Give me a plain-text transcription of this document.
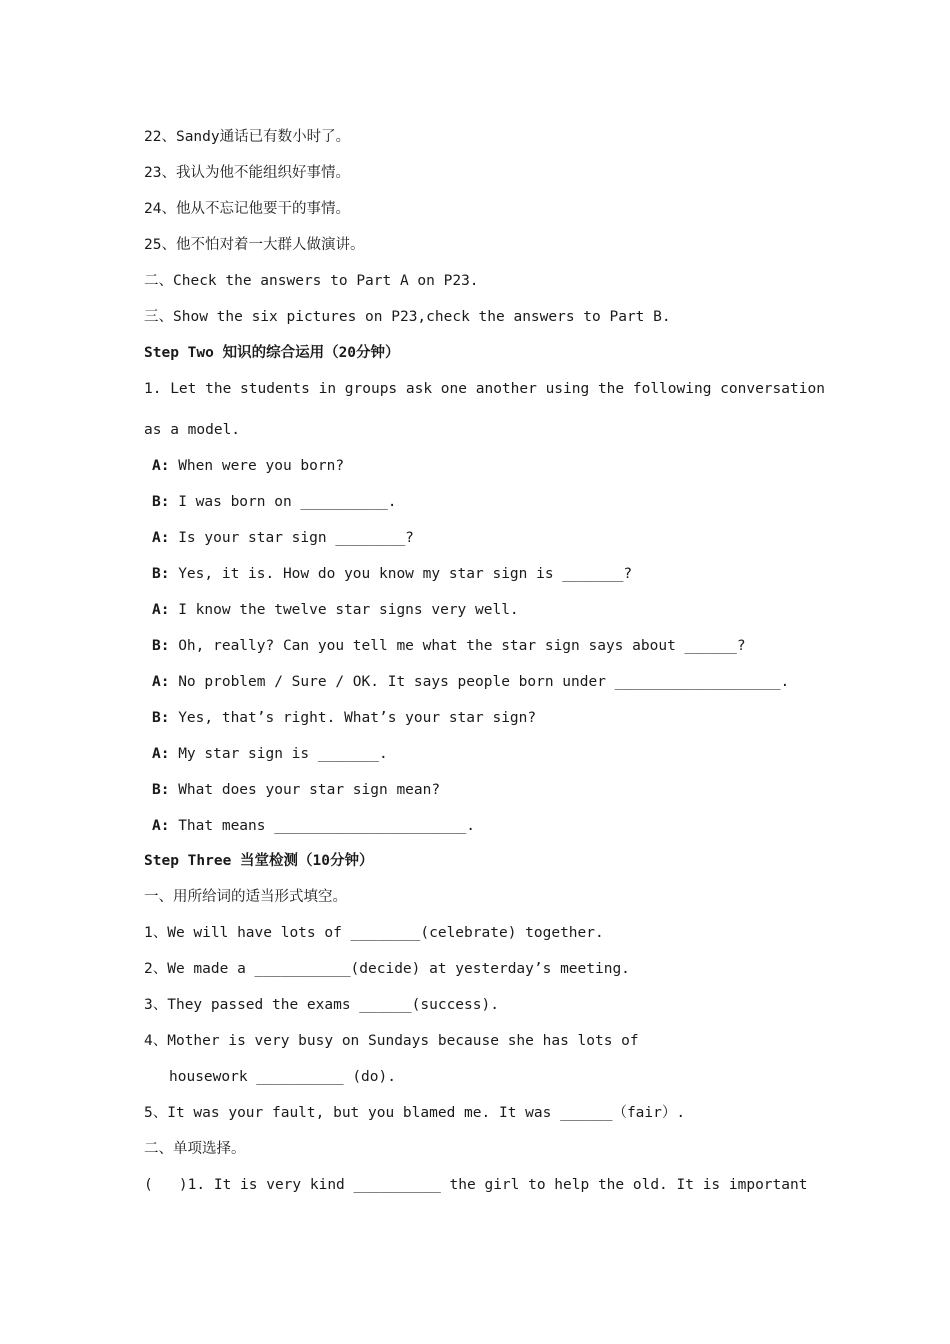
22、Sandy通话已有数小时了。
23、我认为他不能组织好事情。
24、他从不忘记他要干的事情。
25、他不怕对着一大群人做演讲。
二、Check the answers to Part A on P23.
三、Show the six pictures on P23,check the answers to Part B.
Step Two 知识的综合运用（20分钟）
1. Let the students in groups ask one another using the following conversation
as a model.
A: When were you born?
B: I was born on __________.
A: Is your star sign ________?
B: Yes, it is. How do you know my star sign is _______?
A: I know the twelve star signs very well.
B: Oh, really? Can you tell me what the star sign says about ______?
A: No problem / Sure / OK. It says people born under ___________________.
B: Yes, that’s right. What’s your star sign?
A: My star sign is _______.
B: What does your star sign mean?
A: That means ______________________.
Step Three 当堂检测（10分钟）
一、用所给词的适当形式填空。
1、We will have lots of ________(celebrate) together.
2、We made a ___________(decide) at yesterday’s meeting.
3、They passed the exams ______(success).
4、Mother is very busy on Sundays because she has lots of
housework __________ (do).
5、It was your fault, but you blamed me. It was ______（fair）.
二、单项选择。
(   )1. It is very kind __________ the girl to help the old. It is important
